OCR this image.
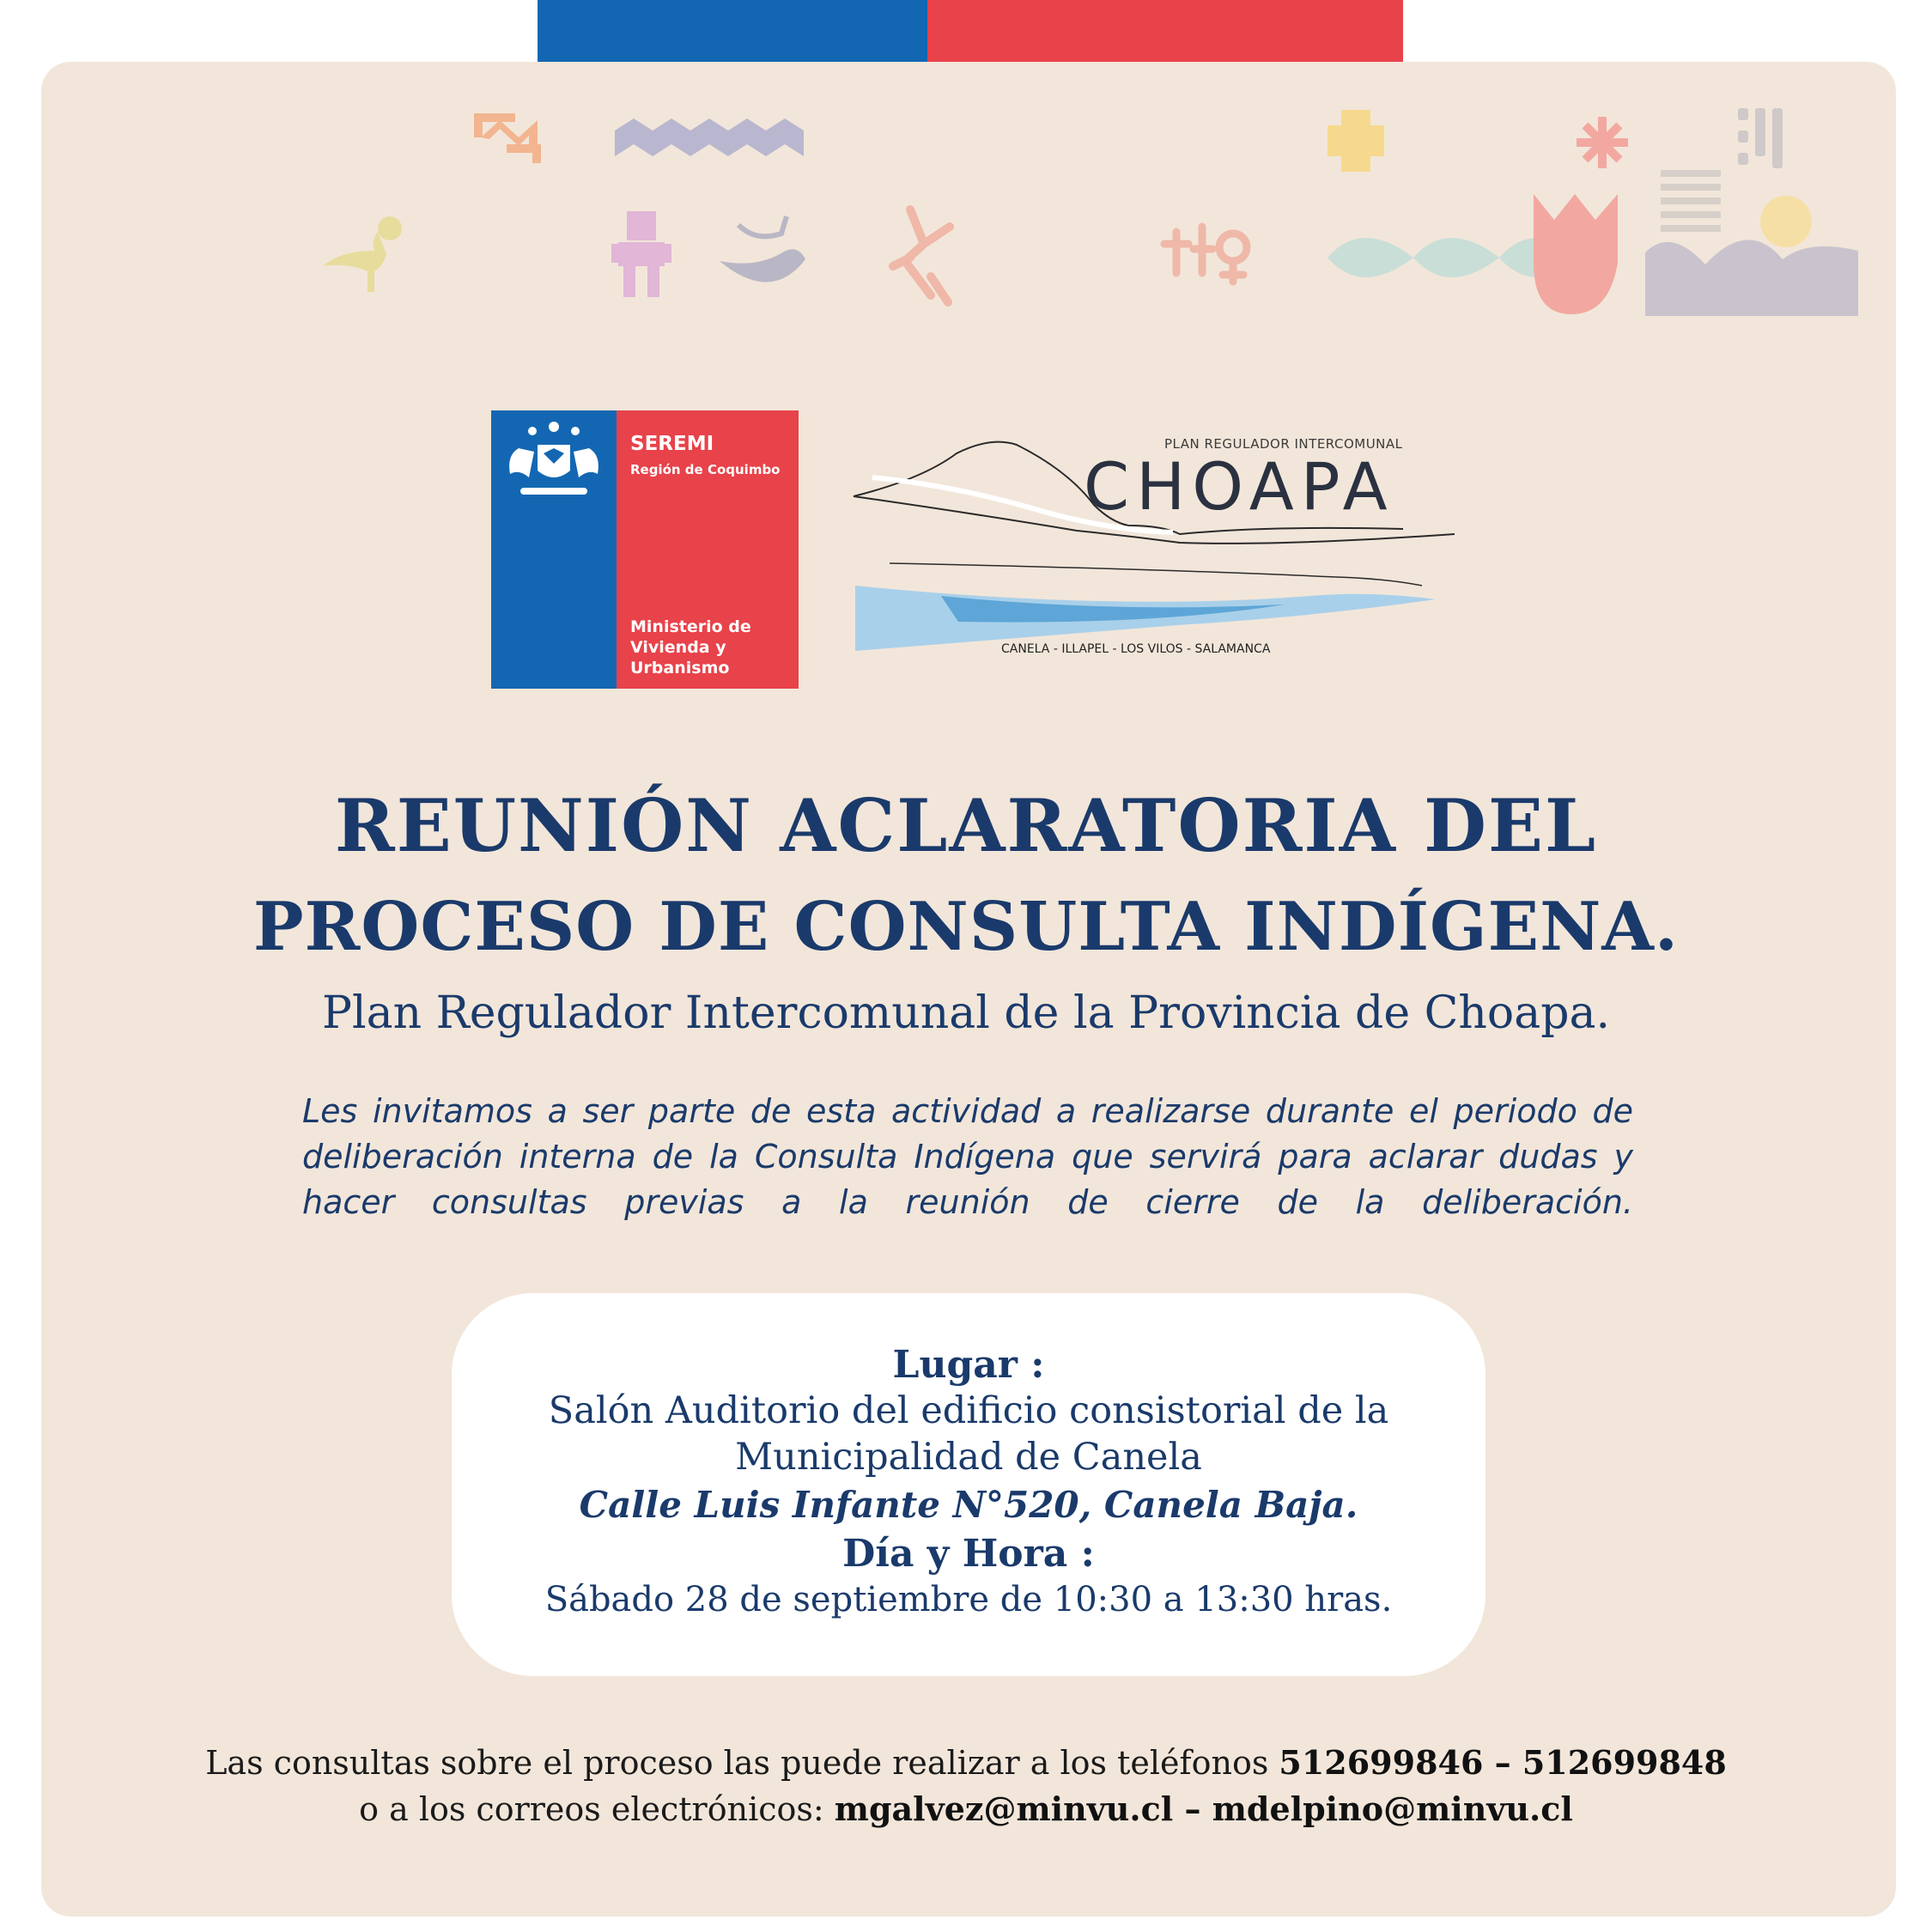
SEREMI
Región de Coquimbo
Ministerio de
Vivienda y
Urbanismo
PLAN REGULADOR INTERCOMUNAL
CHOAPA
CANELA - ILLAPEL - LOS VILOS - SALAMANCA
REUNIÓN ACLARATORIA DEL
PROCESO DE CONSULTA INDÍGENA.
Plan Regulador Intercomunal de la Provincia de Choapa.
Les invitamos a ser parte de esta actividad a realizarse durante el periodo de
deliberación interna de la Consulta Indígena que servirá para aclarar dudas y
hacer consultas previas a la reunión de cierre de la deliberación.
Lugar :
Salón Auditorio del edificio consistorial de la
Municipalidad de Canela
Calle Luis Infante N°520, Canela Baja.
Día y Hora :
Sábado 28 de septiembre de 10:30 a 13:30 hras.
Las consultas sobre el proceso las puede realizar a los teléfonos 512699846 – 512699848
o a los correos electrónicos: mgalvez@minvu.cl – mdelpino@minvu.cl
